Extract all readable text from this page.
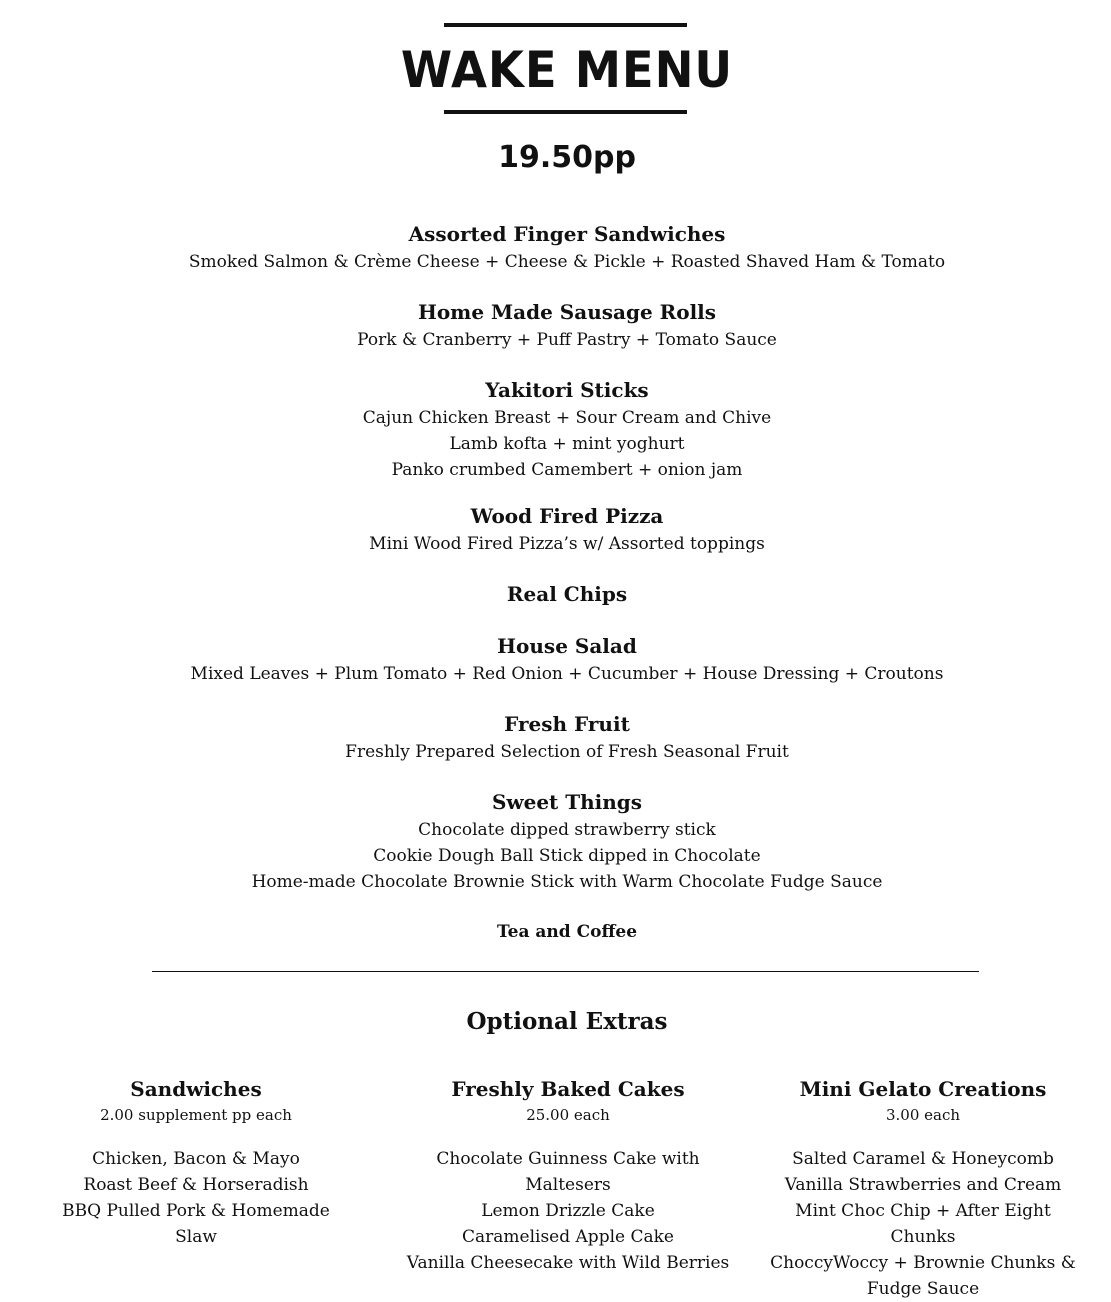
WAKE MENU
19.50pp
Assorted Finger Sandwiches
Smoked Salmon & Crème Cheese + Cheese & Pickle + Roasted Shaved Ham & Tomato
Home Made Sausage Rolls
Pork & Cranberry + Puff Pastry + Tomato Sauce
Yakitori Sticks
Cajun Chicken Breast + Sour Cream and Chive
Lamb kofta + mint yoghurt
Panko crumbed Camembert + onion jam
Wood Fired Pizza
Mini Wood Fired Pizza’s w/ Assorted toppings
Real Chips
House Salad
Mixed Leaves + Plum Tomato + Red Onion + Cucumber + House Dressing + Croutons
Fresh Fruit
Freshly Prepared Selection of Fresh Seasonal Fruit
Sweet Things
Chocolate dipped strawberry stick
Cookie Dough Ball Stick dipped in Chocolate
Home-made Chocolate Brownie Stick with Warm Chocolate Fudge Sauce
Tea and Coffee
Optional Extras
Sandwiches
2.00 supplement pp each
Chicken, Bacon & Mayo
Roast Beef & Horseradish
BBQ Pulled Pork & Homemade Slaw
Freshly Baked Cakes
25.00 each
Chocolate Guinness Cake with Maltesers
Lemon Drizzle Cake
Caramelised Apple Cake
Vanilla Cheesecake with Wild Berries
Mini Gelato Creations
3.00 each
Salted Caramel & Honeycomb
Vanilla Strawberries and Cream
Mint Choc Chip + After Eight Chunks
ChoccyWoccy + Brownie Chunks &
Fudge Sauce
